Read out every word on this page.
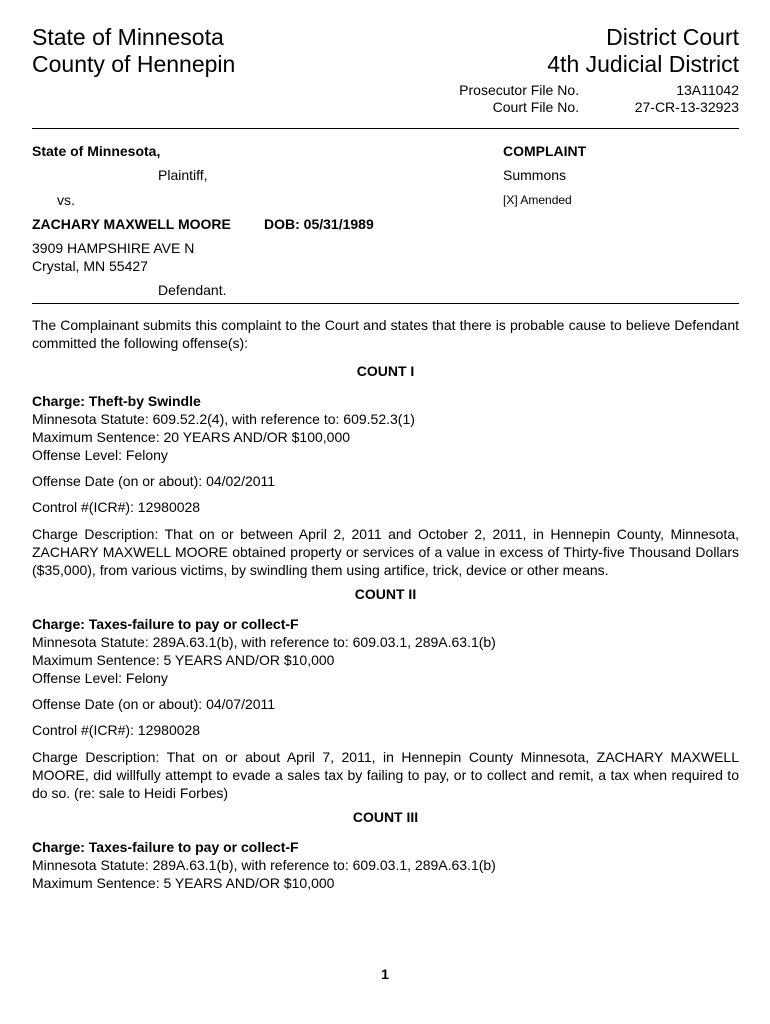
State of Minnesota
County of Hennepin
District Court
4th Judicial District
Prosecutor File No.
Court File No.
13A11042
27-CR-13-32923
State of Minnesota,
Plaintiff,
vs.
ZACHARY MAXWELL MOORE DOB: 05/31/1989
3909 HAMPSHIRE AVE N
Crystal, MN 55427
Defendant.
COMPLAINT
Summons
[X] Amended
The Complainant submits this complaint to the Court and states that there is probable cause to believe Defendant committed the following offense(s):
COUNT I
Charge: Theft-by Swindle
Minnesota Statute: 609.52.2(4), with reference to: 609.52.3(1)
Maximum Sentence: 20 YEARS AND/OR $100,000
Offense Level: Felony
Offense Date (on or about): 04/02/2011
Control #(ICR#): 12980028
Charge Description: That on or between April 2, 2011 and October 2, 2011, in Hennepin County, Minnesota, ZACHARY MAXWELL MOORE obtained property or services of a value in excess of Thirty-five Thousand Dollars ($35,000), from various victims, by swindling them using artifice, trick, device or other means.
COUNT II
Charge: Taxes-failure to pay or collect-F
Minnesota Statute: 289A.63.1(b), with reference to: 609.03.1, 289A.63.1(b)
Maximum Sentence: 5 YEARS AND/OR $10,000
Offense Level: Felony
Offense Date (on or about): 04/07/2011
Control #(ICR#): 12980028
Charge Description: That on or about April 7, 2011, in Hennepin County Minnesota, ZACHARY MAXWELL MOORE, did willfully attempt to evade a sales tax by failing to pay, or to collect and remit, a tax when required to do so. (re: sale to Heidi Forbes)
COUNT III
Charge: Taxes-failure to pay or collect-F
Minnesota Statute: 289A.63.1(b), with reference to: 609.03.1, 289A.63.1(b)
Maximum Sentence: 5 YEARS AND/OR $10,000
1
